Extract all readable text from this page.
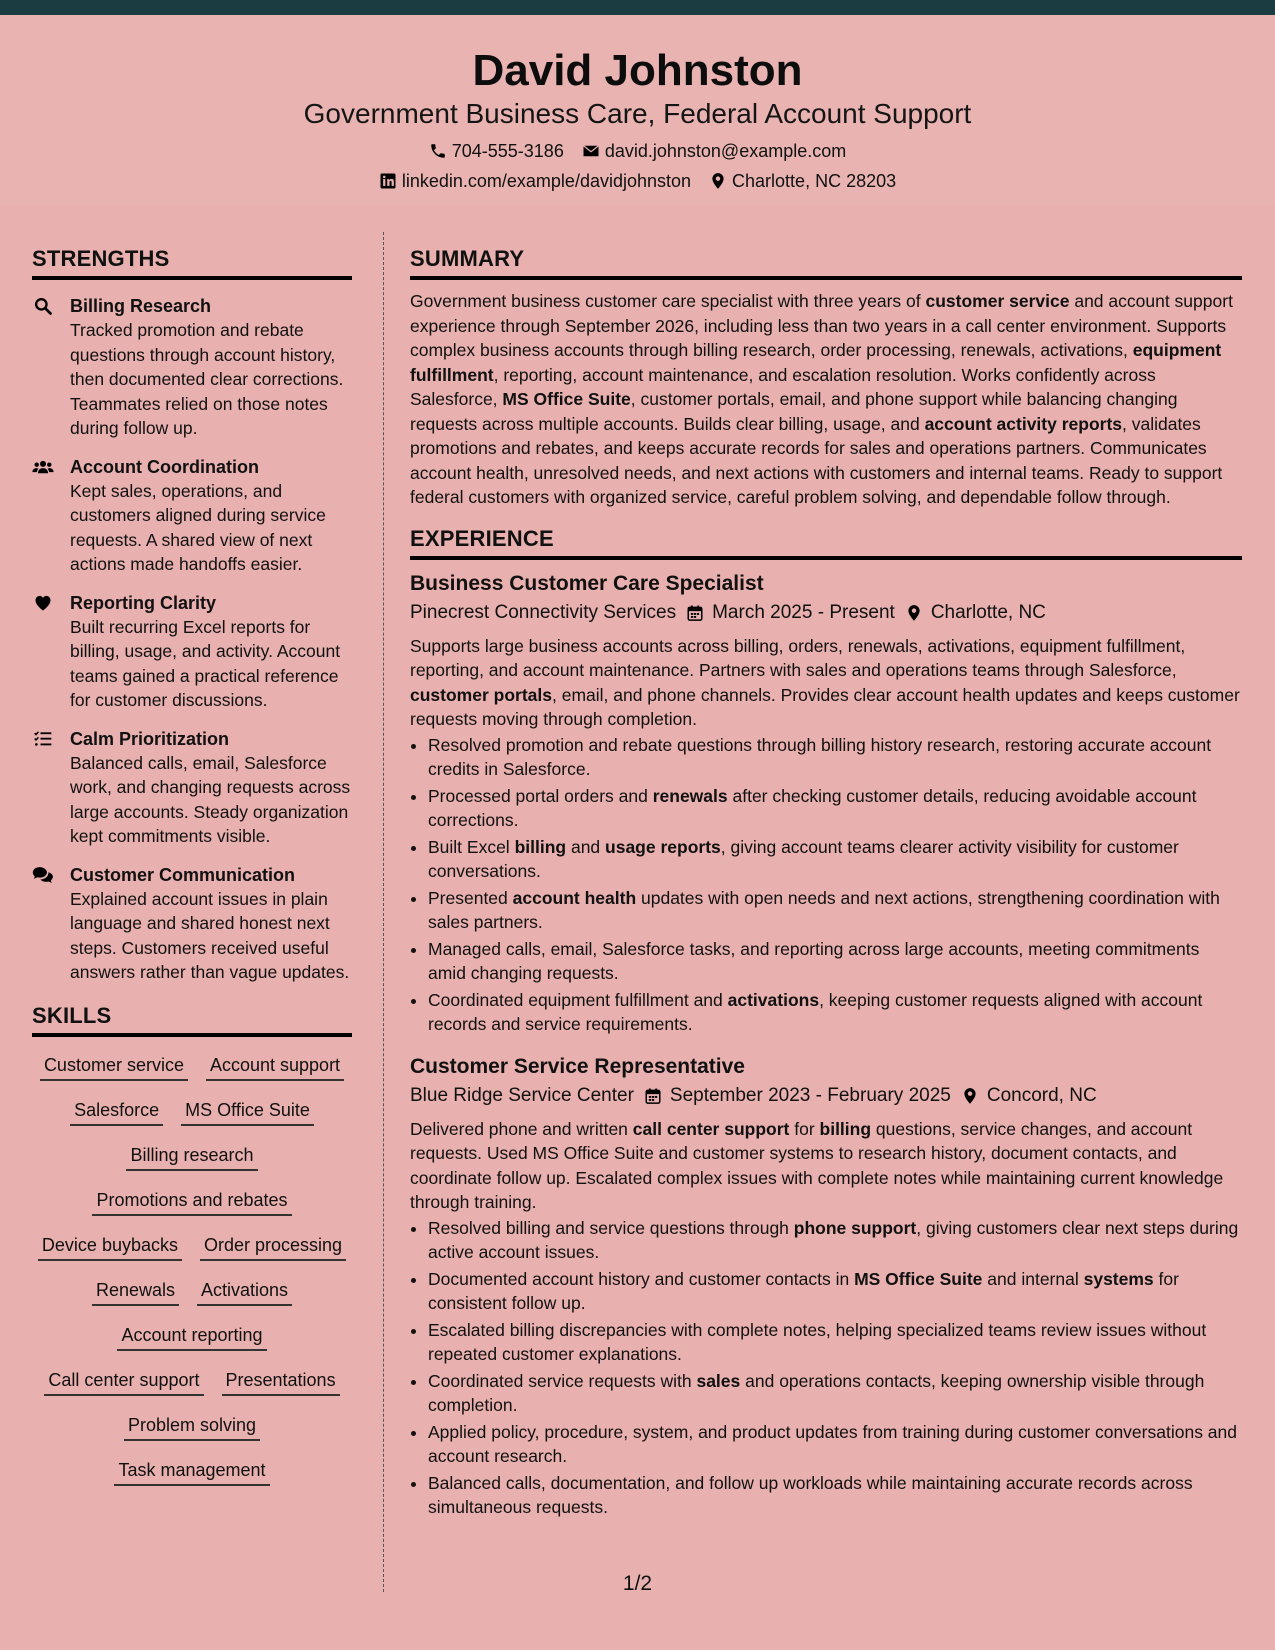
David Johnston
Government Business Care, Federal Account Support
704-555-3186 david.johnston@example.com
linkedin.com/example/davidjohnston Charlotte, NC 28203
STRENGTHS
Billing Research
Tracked promotion and rebate questions through account history, then documented clear corrections. Teammates relied on those notes during follow up.
Account Coordination
Kept sales, operations, and customers aligned during service requests. A shared view of next actions made handoffs easier.
Reporting Clarity
Built recurring Excel reports for billing, usage, and activity. Account teams gained a practical reference for customer discussions.
Calm Prioritization
Balanced calls, email, Salesforce work, and changing requests across large accounts. Steady organization kept commitments visible.
Customer Communication
Explained account issues in plain language and shared honest next steps. Customers received useful answers rather than vague updates.
SKILLS
Customer service Account support
Salesforce MS Office Suite
Billing research
Promotions and rebates
Device buybacks Order processing
Renewals Activations
Account reporting
Call center support Presentations
Problem solving
Task management
SUMMARY
Government business customer care specialist with three years of customer service and account support experience through September 2026, including less than two years in a call center environment. Supports complex business accounts through billing research, order processing, renewals, activations, equipment fulfillment, reporting, account maintenance, and escalation resolution. Works confidently across Salesforce, MS Office Suite, customer portals, email, and phone support while balancing changing requests across multiple accounts. Builds clear billing, usage, and account activity reports, validates promotions and rebates, and keeps accurate records for sales and operations partners. Communicates account health, unresolved needs, and next actions with customers and internal teams. Ready to support federal customers with organized service, careful problem solving, and dependable follow through.
EXPERIENCE
Business Customer Care Specialist
Pinecrest Connectivity Services March 2025 - Present Charlotte, NC
Supports large business accounts across billing, orders, renewals, activations, equipment fulfillment, reporting, and account maintenance. Partners with sales and operations teams through Salesforce, customer portals, email, and phone channels. Provides clear account health updates and keeps customer requests moving through completion.
• Resolved promotion and rebate questions through billing history research, restoring accurate account credits in Salesforce.
• Processed portal orders and renewals after checking customer details, reducing avoidable account corrections.
• Built Excel billing and usage reports, giving account teams clearer activity visibility for customer conversations.
• Presented account health updates with open needs and next actions, strengthening coordination with sales partners.
• Managed calls, email, Salesforce tasks, and reporting across large accounts, meeting commitments amid changing requests.
• Coordinated equipment fulfillment and activations, keeping customer requests aligned with account records and service requirements.
Customer Service Representative
Blue Ridge Service Center September 2023 - February 2025 Concord, NC
Delivered phone and written call center support for billing questions, service changes, and account requests. Used MS Office Suite and customer systems to research history, document contacts, and coordinate follow up. Escalated complex issues with complete notes while maintaining current knowledge through training.
• Resolved billing and service questions through phone support, giving customers clear next steps during active account issues.
• Documented account history and customer contacts in MS Office Suite and internal systems for consistent follow up.
• Escalated billing discrepancies with complete notes, helping specialized teams review issues without repeated customer explanations.
• Coordinated service requests with sales and operations contacts, keeping ownership visible through completion.
• Applied policy, procedure, system, and product updates from training during customer conversations and account research.
• Balanced calls, documentation, and follow up workloads while maintaining accurate records across simultaneous requests.
1/2
